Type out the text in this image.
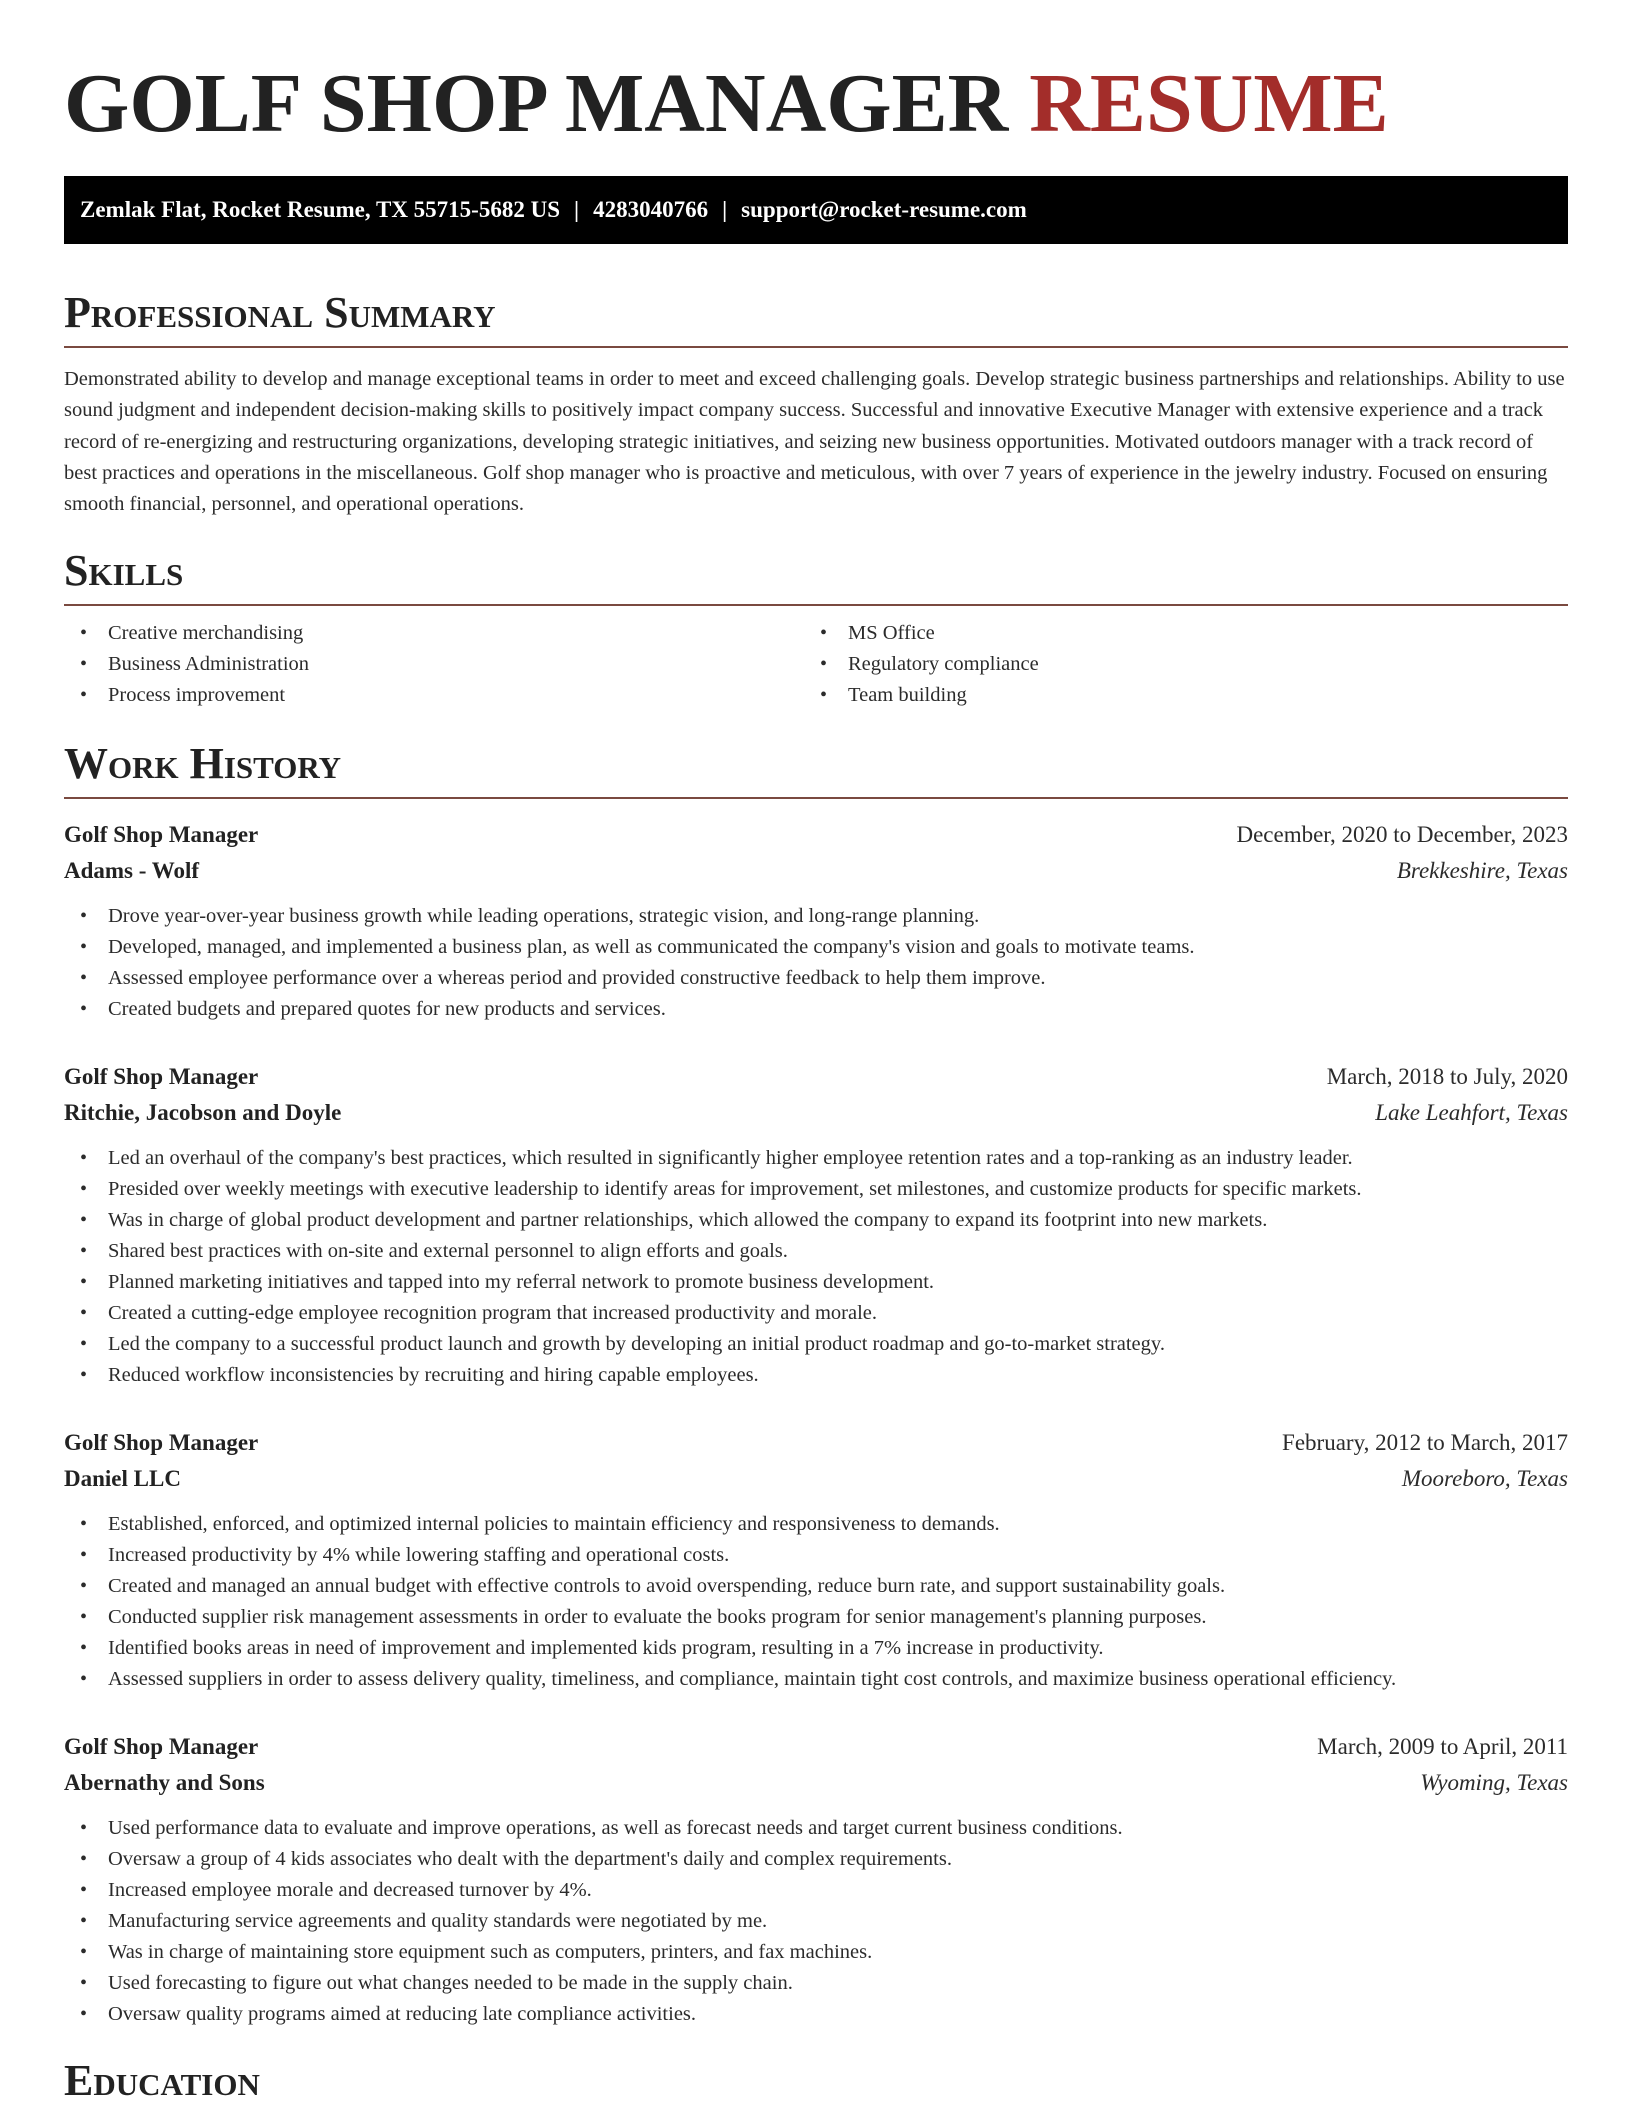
GOLF SHOP MANAGER RESUME
Zemlak Flat, Rocket Resume, TX 55715-5682 US | 4283040766 | support@rocket-resume.com
Professional Summary

Demonstrated ability to develop and manage exceptional teams in order to meet and exceed challenging goals. Develop strategic business partnerships and relationships. Ability to use sound judgment and independent decision-making skills to positively impact company success. Successful and innovative Executive Manager with extensive experience and a track record of re-energizing and restructuring organizations, developing strategic initiatives, and seizing new business opportunities. Motivated outdoors manager with a track record of best practices and operations in the miscellaneous. Golf shop manager who is proactive and meticulous, with over 7 years of experience in the jewelry industry. Focused on ensuring smooth financial, personnel, and operational operations.

Skills
• Creative merchandising
• Business Administration
• Process improvement
• MS Office
• Regulatory compliance
• Team building
Work History
Golf Shop Manager	December, 2020 to December, 2023
Adams - Wolf	Brekkeshire, Texas
• Drove year-over-year business growth while leading operations, strategic vision, and long-range planning.
• Developed, managed, and implemented a business plan, as well as communicated the company's vision and goals to motivate teams.
• Assessed employee performance over a whereas period and provided constructive feedback to help them improve.
• Created budgets and prepared quotes for new products and services.
Golf Shop Manager	March, 2018 to July, 2020
Ritchie, Jacobson and Doyle	Lake Leahfort, Texas
• Led an overhaul of the company's best practices, which resulted in significantly higher employee retention rates and a top-ranking as an industry leader.
• Presided over weekly meetings with executive leadership to identify areas for improvement, set milestones, and customize products for specific markets.
• Was in charge of global product development and partner relationships, which allowed the company to expand its footprint into new markets.
• Shared best practices with on-site and external personnel to align efforts and goals.
• Planned marketing initiatives and tapped into my referral network to promote business development.
• Created a cutting-edge employee recognition program that increased productivity and morale.
• Led the company to a successful product launch and growth by developing an initial product roadmap and go-to-market strategy.
• Reduced workflow inconsistencies by recruiting and hiring capable employees.
Golf Shop Manager	February, 2012 to March, 2017
Daniel LLC	Mooreboro, Texas
• Established, enforced, and optimized internal policies to maintain efficiency and responsiveness to demands.
• Increased productivity by 4% while lowering staffing and operational costs.
• Created and managed an annual budget with effective controls to avoid overspending, reduce burn rate, and support sustainability goals.
• Conducted supplier risk management assessments in order to evaluate the books program for senior management's planning purposes.
• Identified books areas in need of improvement and implemented kids program, resulting in a 7% increase in productivity.
• Assessed suppliers in order to assess delivery quality, timeliness, and compliance, maintain tight cost controls, and maximize business operational efficiency.
Golf Shop Manager	March, 2009 to April, 2011
Abernathy and Sons	Wyoming, Texas
• Used performance data to evaluate and improve operations, as well as forecast needs and target current business conditions.
• Oversaw a group of 4 kids associates who dealt with the department's daily and complex requirements.
• Increased employee morale and decreased turnover by 4%.
• Manufacturing service agreements and quality standards were negotiated by me.
• Was in charge of maintaining store equipment such as computers, printers, and fax machines.
• Used forecasting to figure out what changes needed to be made in the supply chain.
• Oversaw quality programs aimed at reducing late compliance activities.
Education
